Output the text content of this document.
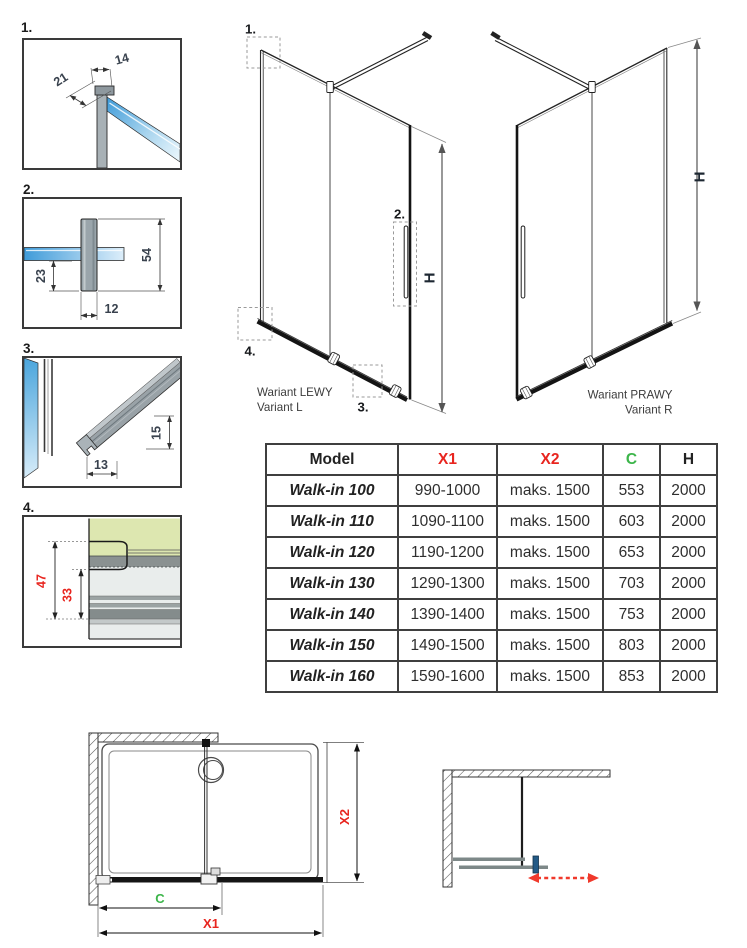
1.
2.
3.
4.
14
21
54
23
12
15
13
47
33
1.
2.
3.
4.
H
Wariant LEWY
Variant L
H
Wariant PRAWY
Variant R
Model	X1	X2	C	H
Walk-in 100	990-1000	maks. 1500	553	2000
Walk-in 110	1090-1100	maks. 1500	603	2000
Walk-in 120	1190-1200	maks. 1500	653	2000
Walk-in 130	1290-1300	maks. 1500	703	2000
Walk-in 140	1390-1400	maks. 1500	753	2000
Walk-in 150	1490-1500	maks. 1500	803	2000
Walk-in 160	1590-1600	maks. 1500	853	2000
X2
C
X1
